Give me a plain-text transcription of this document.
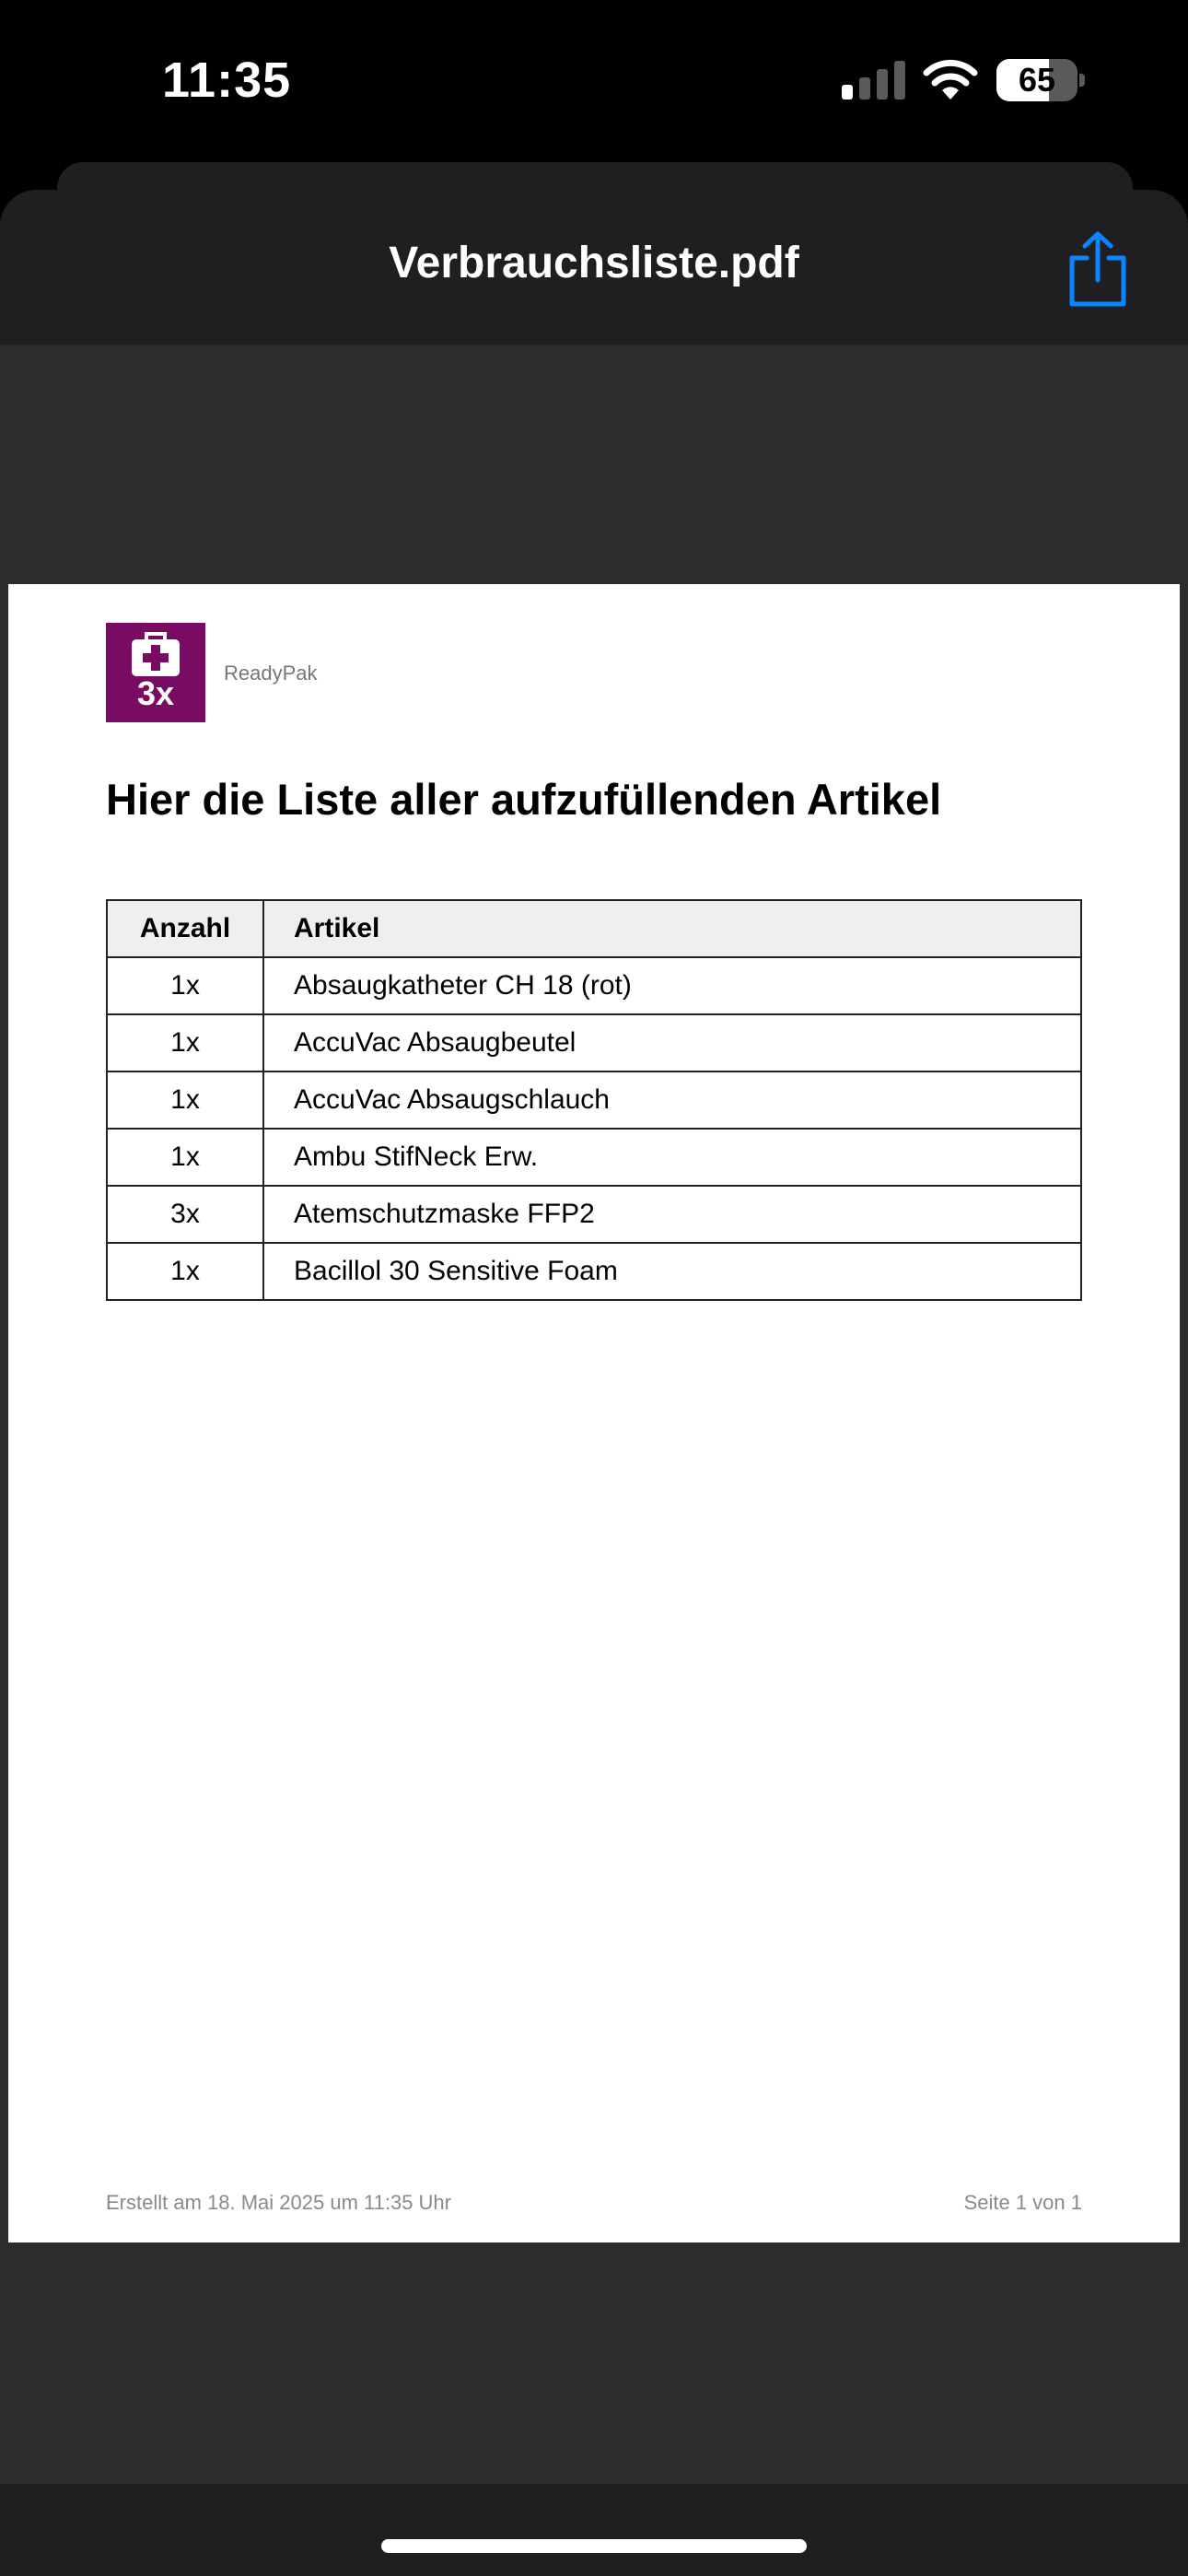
11:35	65
Verbrauchsliste.pdf
3x
ReadyPak
Hier die Liste aller aufzufüllenden Artikel
Anzahl	Artikel
1x	Absaugkatheter CH 18 (rot)
1x	AccuVac Absaugbeutel
1x	AccuVac Absaugschlauch
1x	Ambu StifNeck Erw.
3x	Atemschutzmaske FFP2
1x	Bacillol 30 Sensitive Foam
Erstellt am 18. Mai 2025 um 11:35 Uhr	Seite 1 von 1
